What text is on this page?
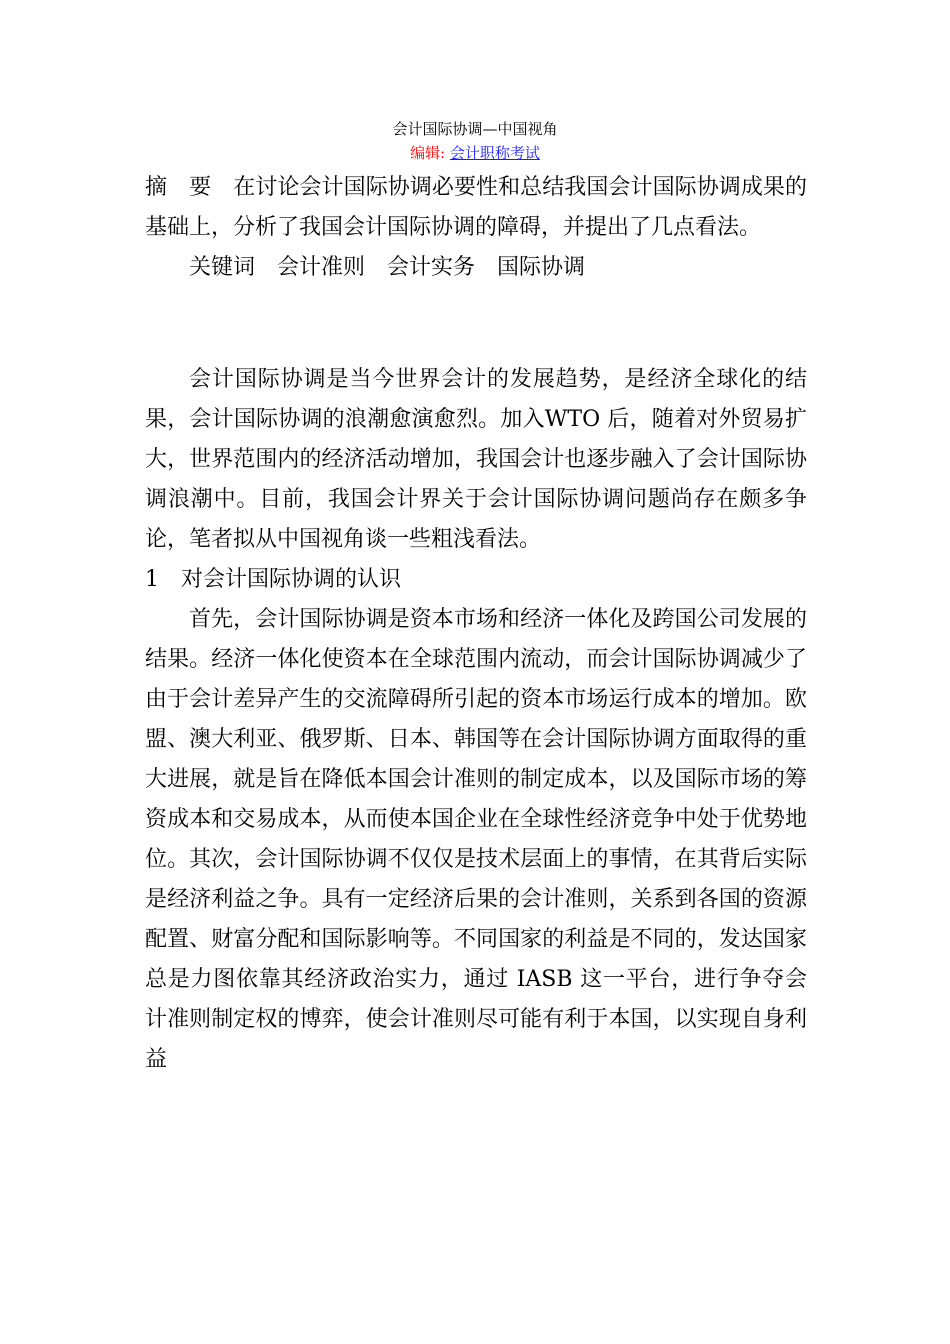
会计国际协调—中国视角
编辑: 会计职称考试

摘 要 在讨论会计国际协调必要性和总结我国会计国际协调成果的基础上，分析了我国会计国际协调的障碍，并提出了几点看法。

关键词 会计准则 会计实务 国际协调

会计国际协调是当今世界会计的发展趋势，是经济全球化的结果，会计国际协调的浪潮愈演愈烈。加入WTO 后，随着对外贸易扩大，世界范围内的经济活动增加，我国会计也逐步融入了会计国际协调浪潮中。目前，我国会计界关于会计国际协调问题尚存在颇多争论，笔者拟从中国视角谈一些粗浅看法。

1 对会计国际协调的认识

首先，会计国际协调是资本市场和经济一体化及跨国公司发展的结果。经济一体化使资本在全球范围内流动，而会计国际协调减少了由于会计差异产生的交流障碍所引起的资本市场运行成本的增加。欧盟、澳大利亚、俄罗斯、日本、韩国等在会计国际协调方面取得的重大进展，就是旨在降低本国会计准则的制定成本，以及国际市场的筹资成本和交易成本，从而使本国企业在全球性经济竞争中处于优势地位。其次，会计国际协调不仅仅是技术层面上的事情，在其背后实际是经济利益之争。具有一定经济后果的会计准则，关系到各国的资源配置、财富分配和国际影响等。不同国家的利益是不同的，发达国家总是力图依靠其经济政治实力，通过 IASB 这一平台，进行争夺会计准则制定权的博弈，使会计准则尽可能有利于本国，以实现自身利益
